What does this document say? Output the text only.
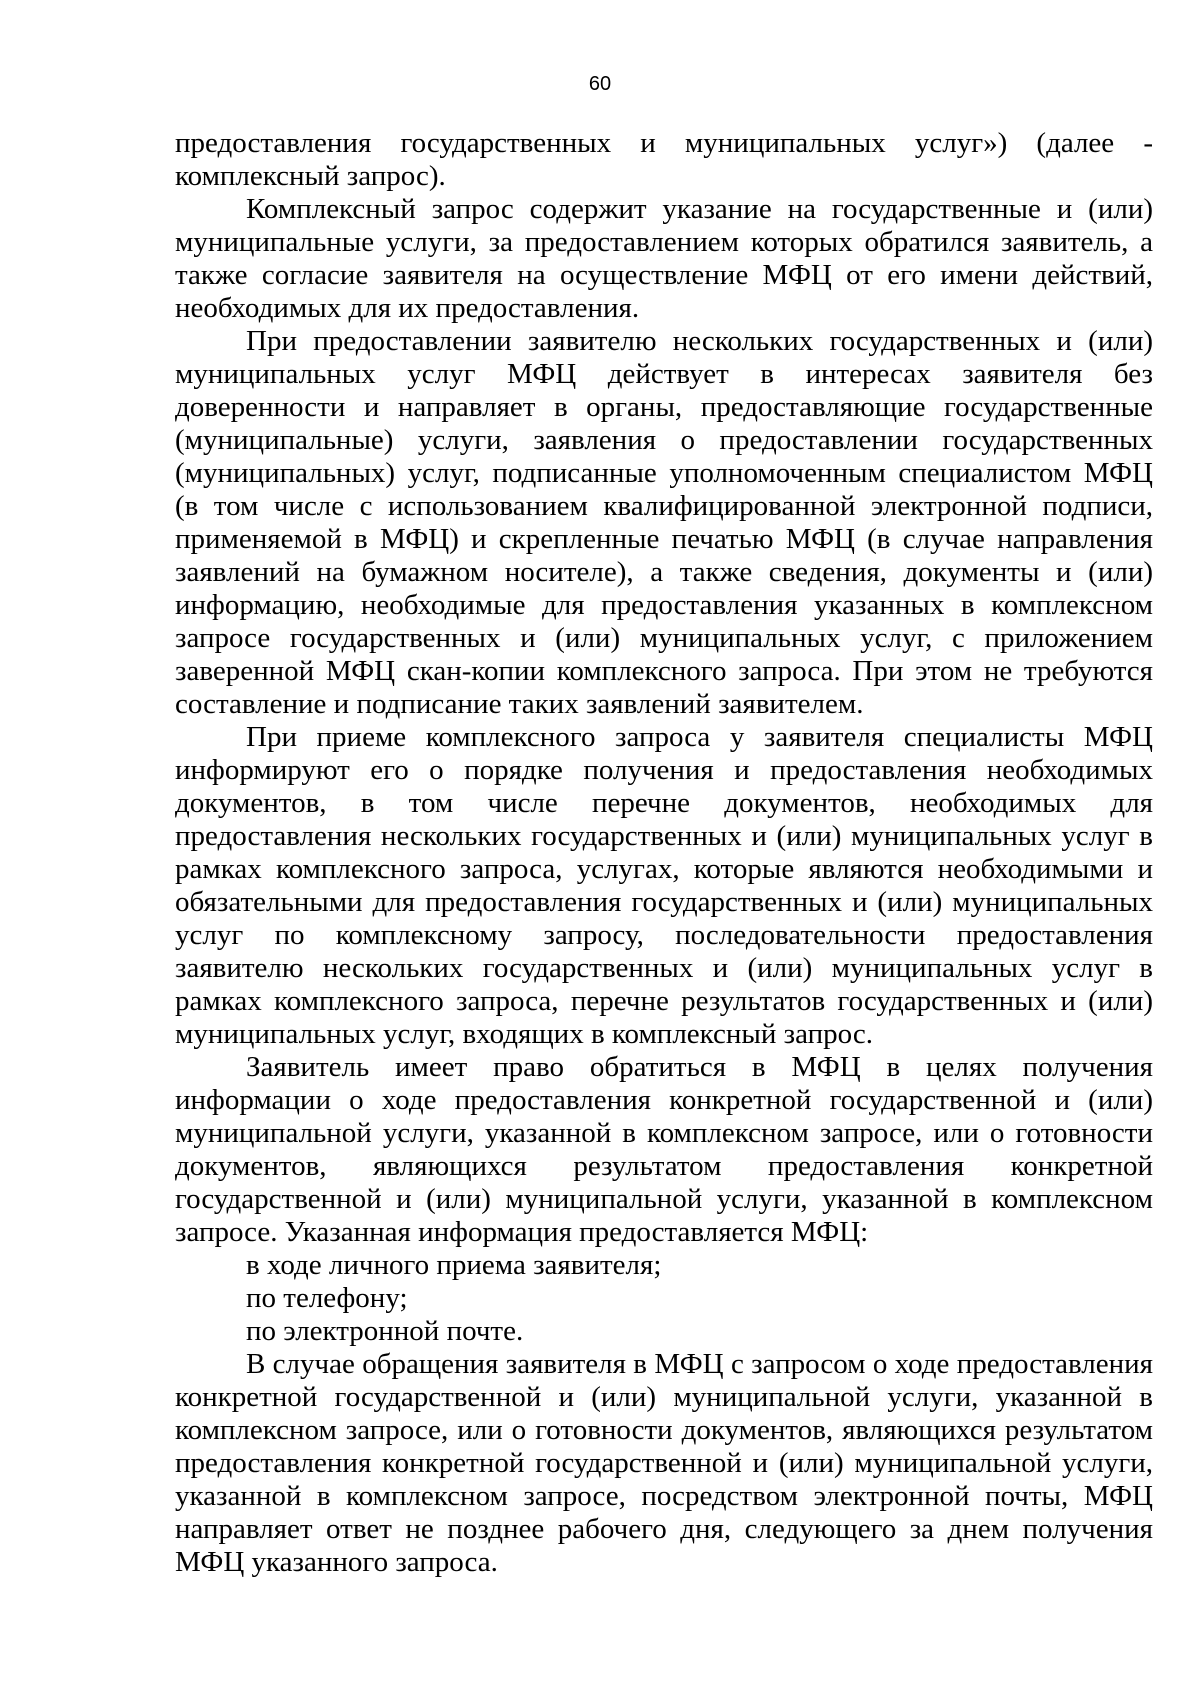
60

предоставления государственных и муниципальных услуг») (далее - комплексный запрос).

Комплексный запрос содержит указание на государственные и (или) муниципальные услуги, за предоставлением которых обратился заявитель, а также согласие заявителя на осуществление МФЦ от его имени действий, необходимых для их предоставления.

При предоставлении заявителю нескольких государственных и (или) муниципальных услуг МФЦ действует в интересах заявителя без доверенности и направляет в органы, предоставляющие государственные (муниципальные) услуги, заявления о предоставлении государственных (муниципальных) услуг, подписанные уполномоченным специалистом МФЦ (в том числе с использованием квалифицированной электронной подписи, применяемой в МФЦ) и скрепленные печатью МФЦ (в случае направления заявлений на бумажном носителе), а также сведения, документы и (или) информацию, необходимые для предоставления указанных в комплексном запросе государственных и (или) муниципальных услуг, с приложением заверенной МФЦ скан-копии комплексного запроса. При этом не требуются составление и подписание таких заявлений заявителем.

При приеме комплексного запроса у заявителя специалисты МФЦ информируют его о порядке получения и предоставления необходимых документов, в том числе перечне документов, необходимых для предоставления нескольких государственных и (или) муниципальных услуг в рамках комплексного запроса, услугах, которые являются необходимыми и обязательными для предоставления государственных и (или) муниципальных услуг по комплексному запросу, последовательности предоставления заявителю нескольких государственных и (или) муниципальных услуг в рамках комплексного запроса, перечне результатов государственных и (или) муниципальных услуг, входящих в комплексный запрос.

Заявитель имеет право обратиться в МФЦ в целях получения информации о ходе предоставления конкретной государственной и (или) муниципальной услуги, указанной в комплексном запросе, или о готовности документов, являющихся результатом предоставления конкретной государственной и (или) муниципальной услуги, указанной в комплексном запросе. Указанная информация предоставляется МФЦ:

в ходе личного приема заявителя;

по телефону;

по электронной почте.

В случае обращения заявителя в МФЦ с запросом о ходе предоставления конкретной государственной и (или) муниципальной услуги, указанной в комплексном запросе, или о готовности документов, являющихся результатом предоставления конкретной государственной и (или) муниципальной услуги, указанной в комплексном запросе, посредством электронной почты, МФЦ направляет ответ не позднее рабочего дня, следующего за днем получения МФЦ указанного запроса.
